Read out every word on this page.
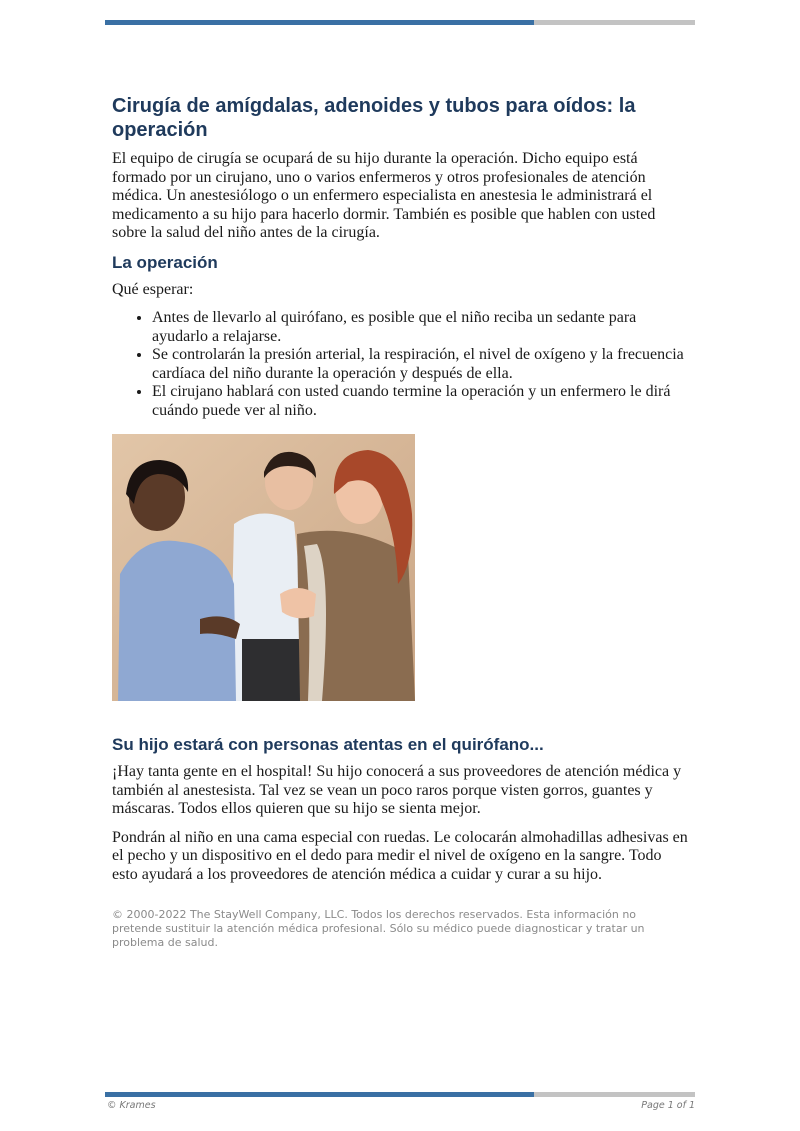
Cirugía de amígdalas, adenoides y tubos para oídos: la operación

El equipo de cirugía se ocupará de su hijo durante la operación. Dicho equipo está formado por un cirujano, uno o varios enfermeros y otros profesionales de atención médica. Un anestesiólogo o un enfermero especialista en anestesia le administrará el medicamento a su hijo para hacerlo dormir. También es posible que hablen con usted sobre la salud del niño antes de la cirugía.

La operación

Qué esperar:

• Antes de llevarlo al quirófano, es posible que el niño reciba un sedante para ayudarlo a relajarse.
• Se controlarán la presión arterial, la respiración, el nivel de oxígeno y la frecuencia cardíaca del niño durante la operación y después de ella.
• El cirujano hablará con usted cuando termine la operación y un enfermero le dirá cuándo puede ver al niño.
Su hijo estará con personas atentas en el quirófano...

¡Hay tanta gente en el hospital! Su hijo conocerá a sus proveedores de atención médica y también al anestesista. Tal vez se vean un poco raros porque visten gorros, guantes y máscaras. Todos ellos quieren que su hijo se sienta mejor.

Pondrán al niño en una cama especial con ruedas. Le colocarán almohadillas adhesivas en el pecho y un dispositivo en el dedo para medir el nivel de oxígeno en la sangre. Todo esto ayudará a los proveedores de atención médica a cuidar y curar a su hijo.

© 2000-2022 The StayWell Company, LLC. Todos los derechos reservados. Esta información no pretende sustituir la atención médica profesional. Sólo su médico puede diagnosticar y tratar un problema de salud.
© Krames	Page 1 of 1
